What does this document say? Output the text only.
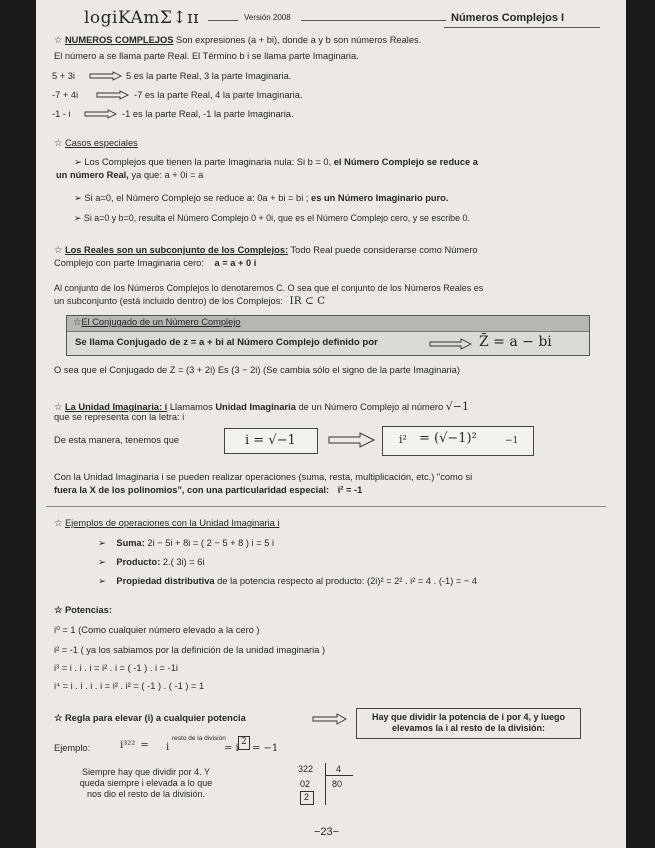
logiKAmΣ↕ɪɪ	Versión 2008	Números Complejos I
☆ NUMEROS COMPLEJOS Son expresiones (a + bi), donde a y b son números Reales.
El número a se llama parte Real. El Término b i se llama parte Imaginaria.
5 + 3i	5 es la parte Real, 3 la parte Imaginaria.
-7 + 4i	-7 es la parte Real, 4 la parte Imaginaria.
-1 - i	-1 es la parte Real, -1 la parte Imaginaria.
☆ Casos especiales
➢ Los Complejos que tienen la parte Imaginaria nula: Si b = 0, el Número Complejo se reduce a
un número Real, ya que: a + 0i = a
➢ Si a=0, el Número Complejo se reduce a: 0a + bi = bi ; es un Número Imaginario puro.
➢ Si a=0 y b=0, resulta el Número Complejo 0 + 0i, que es el Número Complejo cero, y se escribe 0.
☆ Los Reales son un subconjunto de los Complejos: Todo Real puede considerarse como Número
Complejo con parte Imaginaria cero: a = a + 0 i
Al conjunto de los Números Complejos lo denotaremos C. O sea que el conjunto de los Números Reales es
un subconjunto (está incluido dentro) de los Complejos: IR ⊂ C
☆El Conjugado de un Número Complejo
Se llama Conjugado de z = a + bi al Número Complejo definido por	Z̄ = a − bi
O sea que el Conjugado de Z = (3 + 2i) Es (3 − 2i) (Se cambia sólo el signo de la parte Imaginaria)
☆ La Unidad Imaginaria: i Llamamos Unidad Imaginaria de un Número Complejo al número √−1
que se representa con la letra: i
De esta manera, tenemos que	i = √−1	i² = (√−1)²	−1
Con la Unidad Imaginaria i se pueden realizar operaciones (suma, resta, multiplicación, etc.) "como si
fuera la X de los polinomios", con una particularidad especial: i² = -1
☆ Ejemplos de operaciones con la Unidad Imaginaria i
➢ Suma: 2i − 5i + 8i = ( 2 − 5 + 8 ) i = 5 i
➢ Producto: 2.( 3i) = 6i
➢ Propiedad distributiva de la potencia respecto al producto: (2i)² = 2² . i² = 4 . (-1) = − 4
☆ Potencias:
i⁰ = 1 (Como cualquier número elevado a la cero )
i² = -1 ( ya los sabiamos por la definición de la unidad imaginaria )
i³ = i . i . i = i² . i = ( -1 ) . i = -1i
i⁴ = i . i . i . i = i² . i² = ( -1 ) . ( -1 ) = 1
☆ Regla para elevar (i) a cualquier potencia	Hay que dividir la potencia de i por 4, y luego elevamos la i al resto de la división:
Ejemplo:	i³²² = i
resto de la división
= i
2
= −1
Siempre hay que dividir por 4. Y
queda siempre i elevada a lo que
nos dio el resto de la división.
322	4
02 80
2
−23−
